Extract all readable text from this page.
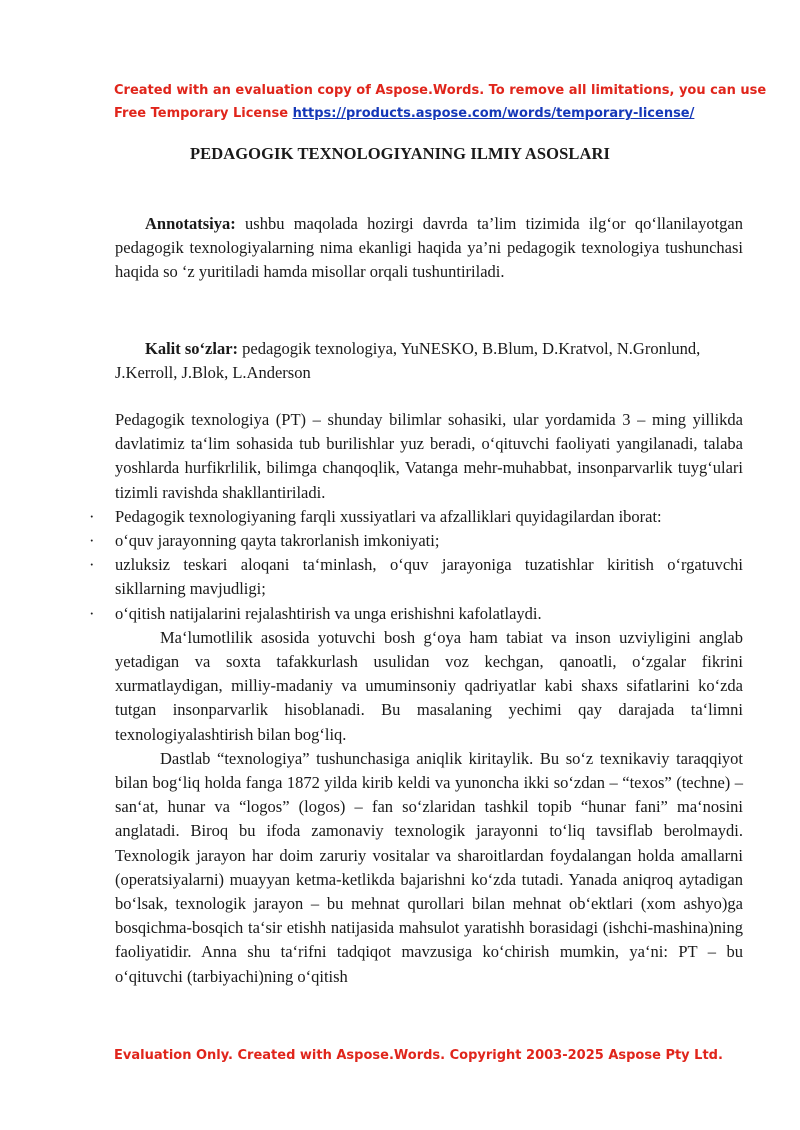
Created with an evaluation copy of Aspose.Words. To remove all limitations, you can use
Free Temporary License https://products.aspose.com/words/temporary-license/
PEDAGOGIK TEXNOLOGIYANING ILMIY ASOSLARI

Annotatsiya: ushbu maqolada hozirgi davrda ta’lim tizimida ilg‘or qo‘llanilayotgan pedagogik texnologiyalarning nima ekanligi haqida ya’ni pedagogik texnologiya tushunchasi haqida so ‘z yuritiladi hamda misollar orqali tushuntiriladi.

Kalit so‘zlar: pedagogik texnologiya, YuNESKO, B.Blum, D.Kratvol, N.Gronlund, J.Kerroll, J.Blok, L.Anderson

Pedagogik texnologiya (PT) – shunday bilimlar sohasiki, ular yordamida 3 – ming yillikda davlatimiz ta‘lim sohasida tub burilishlar yuz beradi, o‘qituvchi faoliyati yangilanadi, talaba yoshlarda hurfikrlilik, bilimga chanqoqlik, Vatanga mehr-muhabbat, insonparvarlik tuyg‘ulari tizimli ravishda shakllantiriladi.

· Pedagogik texnologiyaning farqli xussiyatlari va afzalliklari quyidagilardan iborat:
· o‘quv jarayonning qayta takrorlanish imkoniyati;
· uzluksiz teskari aloqani ta‘minlash, o‘quv jarayoniga tuzatishlar kiritish o‘rgatuvchi sikllarning mavjudligi;
· o‘qitish natijalarini rejalashtirish va unga erishishni kafolatlaydi.

Ma‘lumotlilik asosida yotuvchi bosh g‘oya ham tabiat va inson uzviyligini anglab yetadigan va soxta tafakkurlash usulidan voz kechgan, qanoatli, o‘zgalar fikrini xurmatlaydigan, milliy-madaniy va umuminsoniy qadriyatlar kabi shaxs sifatlarini ko‘zda tutgan insonparvarlik hisoblanadi. Bu masalaning yechimi qay darajada ta‘limni texnologiyalashtirish bilan bog‘liq.

Dastlab “texnologiya” tushunchasiga aniqlik kiritaylik. Bu so‘z texnikaviy taraqqiyot bilan bog‘liq holda fanga 1872 yilda kirib keldi va yunoncha ikki so‘zdan – “texos” (techne) – san‘at, hunar va “logos” (logos) – fan so‘zlaridan tashkil topib “hunar fani” ma‘nosini anglatadi. Biroq bu ifoda zamonaviy texnologik jarayonni to‘liq tavsiflab berolmaydi. Texnologik jarayon har doim zaruriy vositalar va sharoitlardan foydalangan holda amallarni (operatsiyalarni) muayyan ketma-ketlikda bajarishni ko‘zda tutadi. Yanada aniqroq aytadigan bo‘lsak, texnologik jarayon – bu mehnat qurollari bilan mehnat ob‘ektlari (xom ashyo)ga bosqichma-bosqich ta‘sir etishh natijasida mahsulot yaratishh borasidagi (ishchi-mashina)ning faoliyatidir. Anna shu ta‘rifni tadqiqot mavzusiga ko‘chirish mumkin, ya‘ni: PT – bu o‘qituvchi (tarbiyachi)ning o‘qitish

Evaluation Only. Created with Aspose.Words. Copyright 2003-2025 Aspose Pty Ltd.
